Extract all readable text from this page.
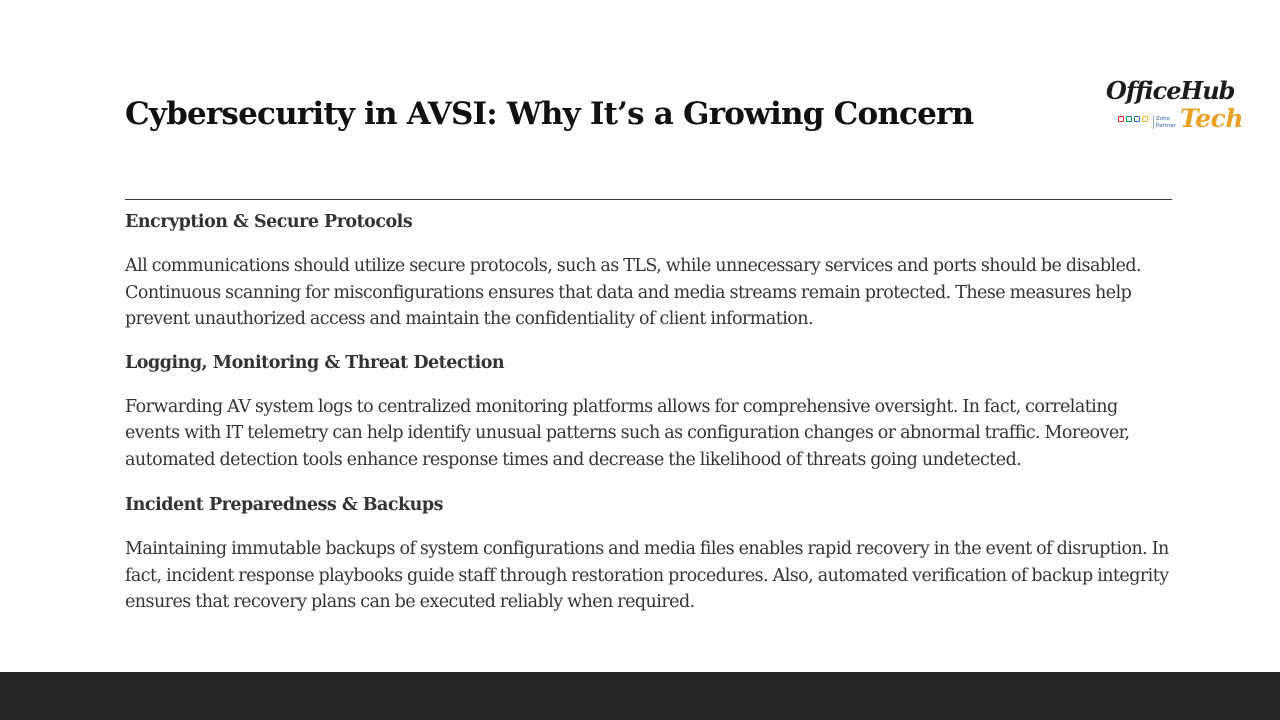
Cybersecurity in AVSI: Why It’s a Growing Concern
OfficeHub
Zoho
Partner Tech
Encryption & Secure Protocols

All communications should utilize secure protocols, such as TLS, while unnecessary services and ports should be disabled. Continuous scanning for misconfigurations ensures that data and media streams remain protected. These measures help prevent unauthorized access and maintain the confidentiality of client information.

Logging, Monitoring & Threat Detection

Forwarding AV system logs to centralized monitoring platforms allows for comprehensive oversight. In fact, correlating events with IT telemetry can help identify unusual patterns such as configuration changes or abnormal traffic. Moreover, automated detection tools enhance response times and decrease the likelihood of threats going undetected.

Incident Preparedness & Backups

Maintaining immutable backups of system configurations and media files enables rapid recovery in the event of disruption. In fact, incident response playbooks guide staff through restoration procedures. Also, automated verification of backup integrity ensures that recovery plans can be executed reliably when required.
